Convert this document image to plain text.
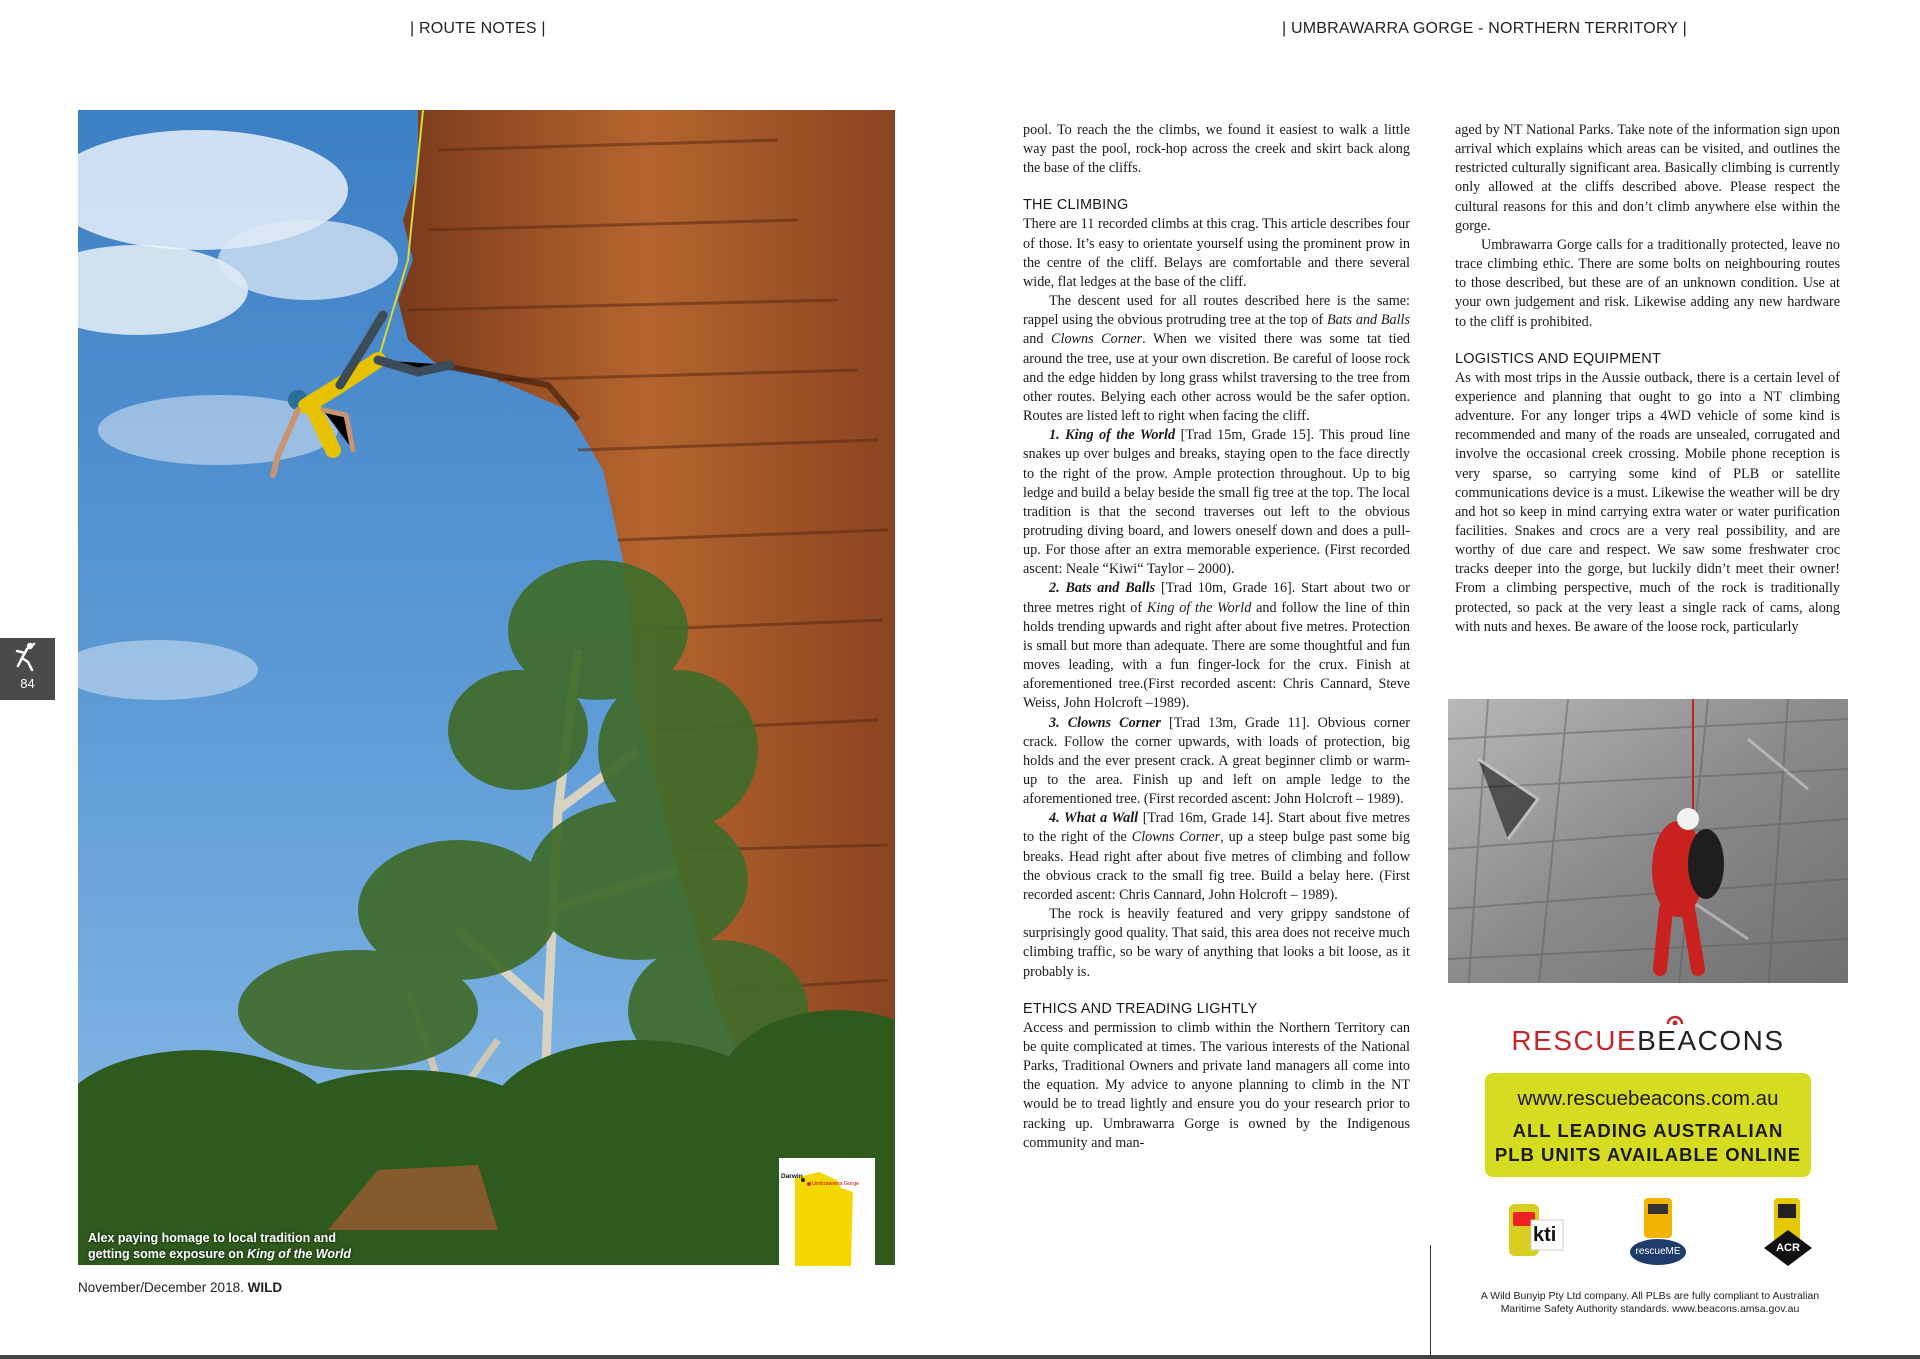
| ROUTE NOTES |	| UMBRAWARRA GORGE - NORTHERN TERRITORY |
84
Alex paying homage to local tradition and
getting some exposure on King of the World
Darwin
Umbrawarra Gorge
November/December 2018. WILD

pool. To reach the the climbs, we found it easiest to walk a little way past the pool, rock-hop across the creek and skirt back along the base of the cliffs.

THE CLIMBING

There are 11 recorded climbs at this crag. This article describes four of those. It’s easy to orientate yourself using the prominent prow in the centre of the cliff. Belays are comfortable and there several wide, flat ledges at the base of the cliff.

The descent used for all routes described here is the same: rappel using the obvious protruding tree at the top of Bats and Balls and Clowns Corner. When we visited there was some tat tied around the tree, use at your own discretion. Be careful of loose rock and the edge hidden by long grass whilst traversing to the tree from other routes. Belying each other across would be the safer option. Routes are listed left to right when facing the cliff.

1. King of the World [Trad 15m, Grade 15]. This proud line snakes up over bulges and breaks, staying open to the face directly to the right of the prow. Ample protection throughout. Up to big ledge and build a belay beside the small fig tree at the top. The local tradition is that the second traverses out left to the obvious protruding diving board, and lowers oneself down and does a pull-up. For those after an extra memorable experience. (First recorded ascent: Neale “Kiwi“ Taylor – 2000).

2. Bats and Balls [Trad 10m, Grade 16]. Start about two or three metres right of King of the World and follow the line of thin holds trending upwards and right after about five metres. Protection is small but more than adequate. There are some thoughtful and fun moves leading, with a fun finger-lock for the crux. Finish at aforementioned tree.(First recorded ascent: Chris Cannard, Steve Weiss, John Holcroft –1989).

3. Clowns Corner [Trad 13m, Grade 11]. Obvious corner crack. Follow the corner upwards, with loads of protection, big holds and the ever present crack. A great beginner climb or warm-up to the area. Finish up and left on ample ledge to the aforementioned tree. (First recorded ascent: John Holcroft – 1989).

4. What a Wall [Trad 16m, Grade 14]. Start about five metres to the right of the Clowns Corner, up a steep bulge past some big breaks. Head right after about five metres of climbing and follow the obvious crack to the small fig tree. Build a belay here. (First recorded ascent: Chris Cannard, John Holcroft – 1989).

The rock is heavily featured and very grippy sandstone of surprisingly good quality. That said, this area does not receive much climbing traffic, so be wary of anything that looks a bit loose, as it probably is.

ETHICS AND TREADING LIGHTLY

Access and permission to climb within the Northern Territory can be quite complicated at times. The various interests of the National Parks, Traditional Owners and private land managers all come into the equation. My advice to anyone planning to climb in the NT would be to tread lightly and ensure you do your research prior to racking up. Umbrawarra Gorge is owned by the Indigenous community and man-

aged by NT National Parks. Take note of the information sign upon arrival which explains which areas can be visited, and outlines the restricted culturally significant area. Basically climbing is currently only allowed at the cliffs described above. Please respect the cultural reasons for this and don’t climb anywhere else within the gorge.

Umbrawarra Gorge calls for a traditionally protected, leave no trace climbing ethic. There are some bolts on neighbouring routes to those described, but these are of an unknown condition. Use at your own judgement and risk. Likewise adding any new hardware to the cliff is prohibited.

LOGISTICS AND EQUIPMENT

As with most trips in the Aussie outback, there is a certain level of experience and planning that ought to go into a NT climbing adventure. For any longer trips a 4WD vehicle of some kind is recommended and many of the roads are unsealed, corrugated and involve the occasional creek crossing. Mobile phone reception is very sparse, so carrying some kind of PLB or satellite communications device is a must. Likewise the weather will be dry and hot so keep in mind carrying extra water or water purification facilities. Snakes and crocs are a very real possibility, and are worthy of due care and respect. We saw some freshwater croc tracks deeper into the gorge, but luckily didn’t meet their owner! From a climbing perspective, much of the rock is traditionally protected, so pack at the very least a single rack of cams, along with nuts and hexes. Be aware of the loose rock, particularly

RESCUEBEACONS
www.rescuebeacons.com.au
ALL LEADING AUSTRALIAN
PLB UNITS AVAILABLE ONLINE
kti
rescueME	ACR
A Wild Bunyip Pty Ltd company. All PLBs are fully compliant to Australian Maritime Safety Authority standards. www.beacons.amsa.gov.au
